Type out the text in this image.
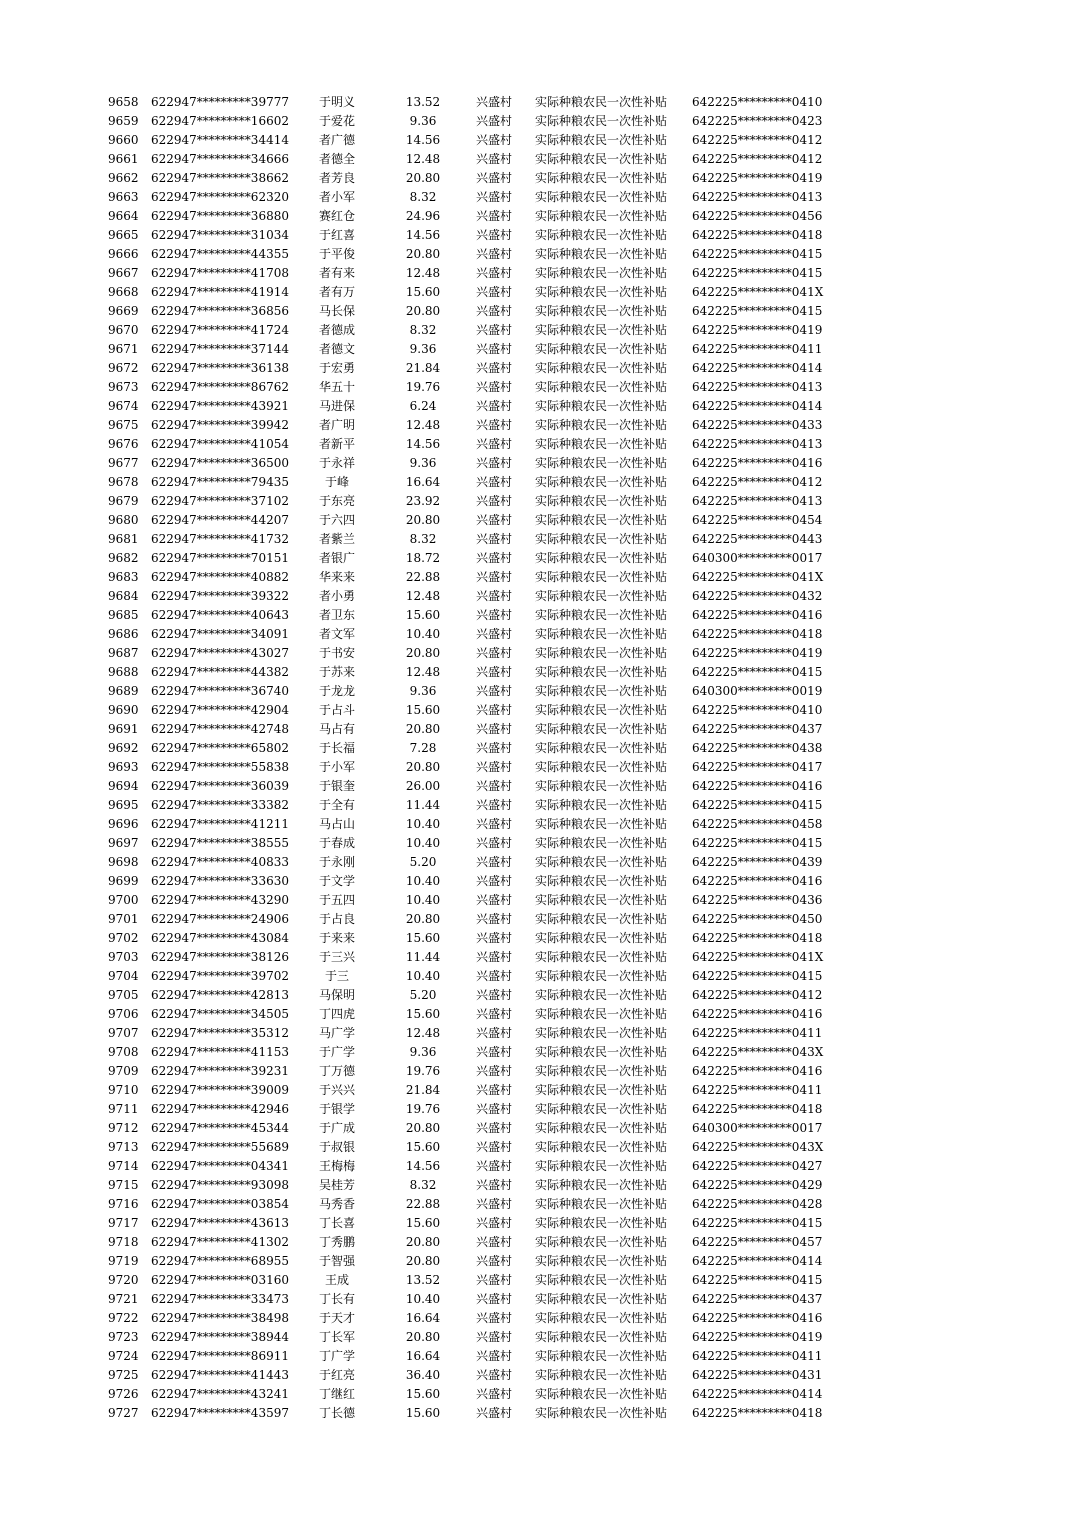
9658	622947*********39777	于明义	13.52	兴盛村	实际种粮农民一次性补贴	642225*********0410
9659	622947*********16602	于爱花	9.36	兴盛村	实际种粮农民一次性补贴	642225*********0423
9660	622947*********34414	者广德	14.56	兴盛村	实际种粮农民一次性补贴	642225*********0412
9661	622947*********34666	者德全	12.48	兴盛村	实际种粮农民一次性补贴	642225*********0412
9662	622947*********38662	者芳良	20.80	兴盛村	实际种粮农民一次性补贴	642225*********0419
9663	622947*********62320	者小军	8.32	兴盛村	实际种粮农民一次性补贴	642225*********0413
9664	622947*********36880	赛红仓	24.96	兴盛村	实际种粮农民一次性补贴	642225*********0456
9665	622947*********31034	于红喜	14.56	兴盛村	实际种粮农民一次性补贴	642225*********0418
9666	622947*********44355	于平俊	20.80	兴盛村	实际种粮农民一次性补贴	642225*********0415
9667	622947*********41708	者有来	12.48	兴盛村	实际种粮农民一次性补贴	642225*********0415
9668	622947*********41914	者有万	15.60	兴盛村	实际种粮农民一次性补贴	642225*********041X
9669	622947*********36856	马长保	20.80	兴盛村	实际种粮农民一次性补贴	642225*********0415
9670	622947*********41724	者德成	8.32	兴盛村	实际种粮农民一次性补贴	642225*********0419
9671	622947*********37144	者德文	9.36	兴盛村	实际种粮农民一次性补贴	642225*********0411
9672	622947*********36138	于宏勇	21.84	兴盛村	实际种粮农民一次性补贴	642225*********0414
9673	622947*********86762	华五十	19.76	兴盛村	实际种粮农民一次性补贴	642225*********0413
9674	622947*********43921	马进保	6.24	兴盛村	实际种粮农民一次性补贴	642225*********0414
9675	622947*********39942	者广明	12.48	兴盛村	实际种粮农民一次性补贴	642225*********0433
9676	622947*********41054	者新平	14.56	兴盛村	实际种粮农民一次性补贴	642225*********0413
9677	622947*********36500	于永祥	9.36	兴盛村	实际种粮农民一次性补贴	642225*********0416
9678	622947*********79435	于峰	16.64	兴盛村	实际种粮农民一次性补贴	642225*********0412
9679	622947*********37102	于东亮	23.92	兴盛村	实际种粮农民一次性补贴	642225*********0413
9680	622947*********44207	于六四	20.80	兴盛村	实际种粮农民一次性补贴	642225*********0454
9681	622947*********41732	者紫兰	8.32	兴盛村	实际种粮农民一次性补贴	642225*********0443
9682	622947*********70151	者银广	18.72	兴盛村	实际种粮农民一次性补贴	640300*********0017
9683	622947*********40882	华来来	22.88	兴盛村	实际种粮农民一次性补贴	642225*********041X
9684	622947*********39322	者小勇	12.48	兴盛村	实际种粮农民一次性补贴	642225*********0432
9685	622947*********40643	者卫东	15.60	兴盛村	实际种粮农民一次性补贴	642225*********0416
9686	622947*********34091	者文军	10.40	兴盛村	实际种粮农民一次性补贴	642225*********0418
9687	622947*********43027	于书安	20.80	兴盛村	实际种粮农民一次性补贴	642225*********0419
9688	622947*********44382	于苏来	12.48	兴盛村	实际种粮农民一次性补贴	642225*********0415
9689	622947*********36740	于龙龙	9.36	兴盛村	实际种粮农民一次性补贴	640300*********0019
9690	622947*********42904	于占斗	15.60	兴盛村	实际种粮农民一次性补贴	642225*********0410
9691	622947*********42748	马占有	20.80	兴盛村	实际种粮农民一次性补贴	642225*********0437
9692	622947*********65802	于长福	7.28	兴盛村	实际种粮农民一次性补贴	642225*********0438
9693	622947*********55838	于小军	20.80	兴盛村	实际种粮农民一次性补贴	642225*********0417
9694	622947*********36039	于银奎	26.00	兴盛村	实际种粮农民一次性补贴	642225*********0416
9695	622947*********33382	于全有	11.44	兴盛村	实际种粮农民一次性补贴	642225*********0415
9696	622947*********41211	马占山	10.40	兴盛村	实际种粮农民一次性补贴	642225*********0458
9697	622947*********38555	于春成	10.40	兴盛村	实际种粮农民一次性补贴	642225*********0415
9698	622947*********40833	于永刚	5.20	兴盛村	实际种粮农民一次性补贴	642225*********0439
9699	622947*********33630	于文学	10.40	兴盛村	实际种粮农民一次性补贴	642225*********0416
9700	622947*********43290	于五四	10.40	兴盛村	实际种粮农民一次性补贴	642225*********0436
9701	622947*********24906	于占良	20.80	兴盛村	实际种粮农民一次性补贴	642225*********0450
9702	622947*********43084	于来来	15.60	兴盛村	实际种粮农民一次性补贴	642225*********0418
9703	622947*********38126	于三兴	11.44	兴盛村	实际种粮农民一次性补贴	642225*********041X
9704	622947*********39702	于三	10.40	兴盛村	实际种粮农民一次性补贴	642225*********0415
9705	622947*********42813	马保明	5.20	兴盛村	实际种粮农民一次性补贴	642225*********0412
9706	622947*********34505	丁四虎	15.60	兴盛村	实际种粮农民一次性补贴	642225*********0416
9707	622947*********35312	马广学	12.48	兴盛村	实际种粮农民一次性补贴	642225*********0411
9708	622947*********41153	于广学	9.36	兴盛村	实际种粮农民一次性补贴	642225*********043X
9709	622947*********39231	丁万德	19.76	兴盛村	实际种粮农民一次性补贴	642225*********0416
9710	622947*********39009	于兴兴	21.84	兴盛村	实际种粮农民一次性补贴	642225*********0411
9711	622947*********42946	于银学	19.76	兴盛村	实际种粮农民一次性补贴	642225*********0418
9712	622947*********45344	于广成	20.80	兴盛村	实际种粮农民一次性补贴	640300*********0017
9713	622947*********55689	于叔银	15.60	兴盛村	实际种粮农民一次性补贴	642225*********043X
9714	622947*********04341	王梅梅	14.56	兴盛村	实际种粮农民一次性补贴	642225*********0427
9715	622947*********93098	吴桂芳	8.32	兴盛村	实际种粮农民一次性补贴	642225*********0429
9716	622947*********03854	马秀香	22.88	兴盛村	实际种粮农民一次性补贴	642225*********0428
9717	622947*********43613	丁长喜	15.60	兴盛村	实际种粮农民一次性补贴	642225*********0415
9718	622947*********41302	丁秀鹏	20.80	兴盛村	实际种粮农民一次性补贴	642225*********0457
9719	622947*********68955	于智强	20.80	兴盛村	实际种粮农民一次性补贴	642225*********0414
9720	622947*********03160	王成	13.52	兴盛村	实际种粮农民一次性补贴	642225*********0415
9721	622947*********33473	丁长有	10.40	兴盛村	实际种粮农民一次性补贴	642225*********0437
9722	622947*********38498	于天才	16.64	兴盛村	实际种粮农民一次性补贴	642225*********0416
9723	622947*********38944	丁长军	20.80	兴盛村	实际种粮农民一次性补贴	642225*********0419
9724	622947*********86911	丁广学	16.64	兴盛村	实际种粮农民一次性补贴	642225*********0411
9725	622947*********41443	于红亮	36.40	兴盛村	实际种粮农民一次性补贴	642225*********0431
9726	622947*********43241	丁继红	15.60	兴盛村	实际种粮农民一次性补贴	642225*********0414
9727	622947*********43597	丁长德	15.60	兴盛村	实际种粮农民一次性补贴	642225*********0418
